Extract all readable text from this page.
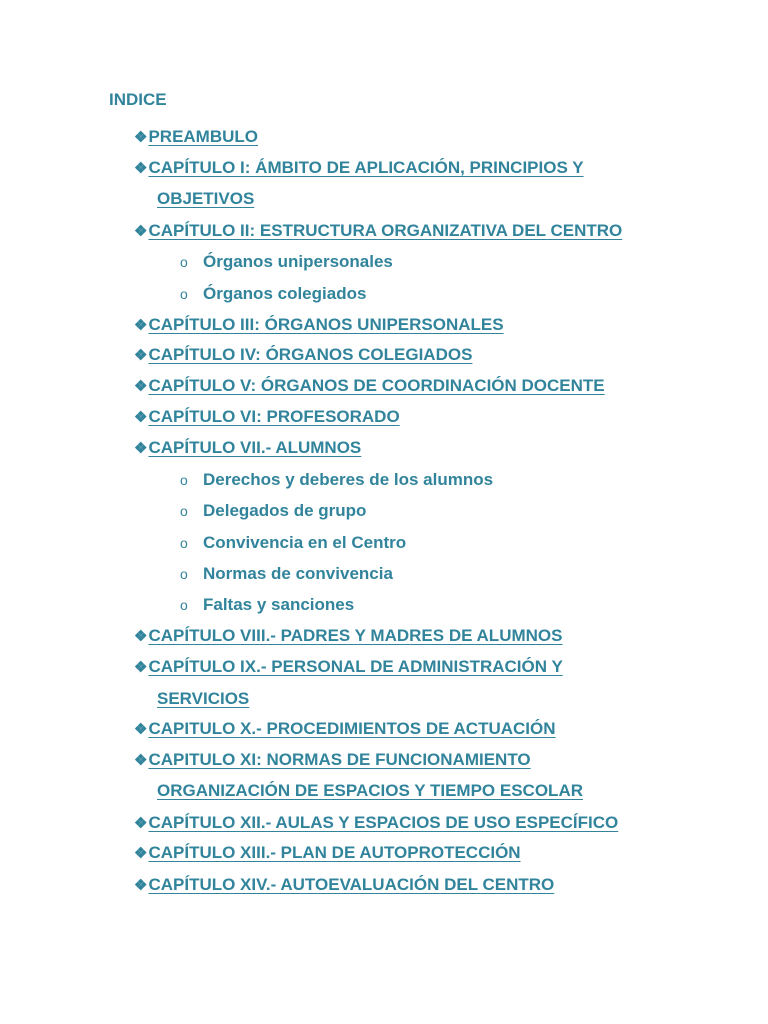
INDICE
❖PREAMBULO
❖CAPÍTULO I: ÁMBITO DE APLICACIÓN, PRINCIPIOS Y
OBJETIVOS
❖CAPÍTULO II: ESTRUCTURA ORGANIZATIVA DEL CENTRO
o Órganos unipersonales
o Órganos colegiados
❖CAPÍTULO III: ÓRGANOS UNIPERSONALES
❖CAPÍTULO IV: ÓRGANOS COLEGIADOS
❖CAPÍTULO V: ÓRGANOS DE COORDINACIÓN DOCENTE
❖CAPÍTULO VI: PROFESORADO
❖CAPÍTULO VII.- ALUMNOS
o Derechos y deberes de los alumnos
o Delegados de grupo
o Convivencia en el Centro
o Normas de convivencia
o Faltas y sanciones
❖CAPÍTULO VIII.- PADRES Y MADRES DE ALUMNOS
❖CAPÍTULO IX.- PERSONAL DE ADMINISTRACIÓN Y
SERVICIOS
❖CAPITULO X.- PROCEDIMIENTOS DE ACTUACIÓN
❖CAPITULO XI: NORMAS DE FUNCIONAMIENTO
ORGANIZACIÓN DE ESPACIOS Y TIEMPO ESCOLAR
❖CAPÍTULO XII.- AULAS Y ESPACIOS DE USO ESPECÍFICO
❖CAPÍTULO XIII.- PLAN DE AUTOPROTECCIÓN
❖CAPÍTULO XIV.- AUTOEVALUACIÓN DEL CENTRO
